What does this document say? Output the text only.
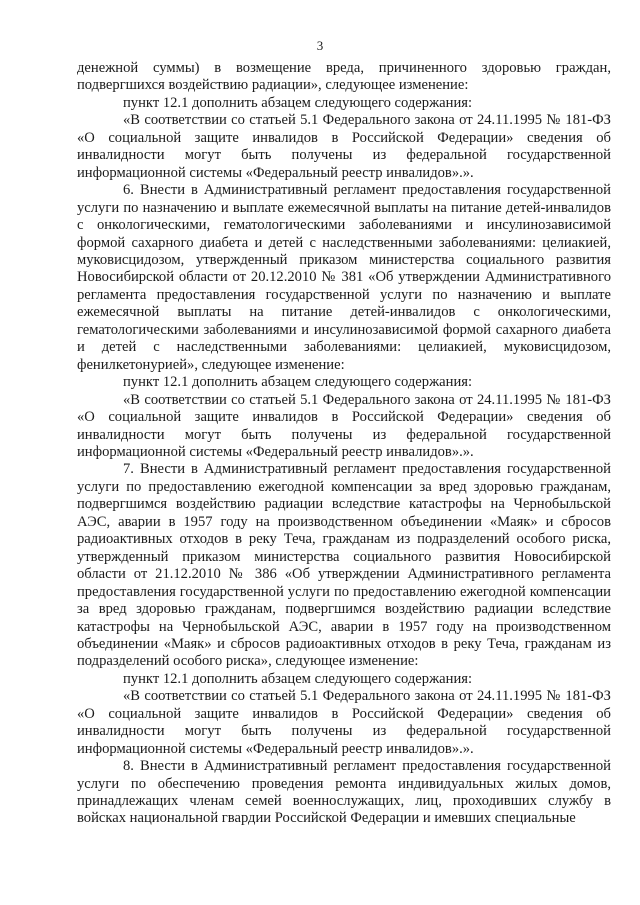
3

денежной суммы) в возмещение вреда, причиненного здоровью граждан, подвергшихся воздействию радиации», следующее изменение:

пункт 12.1 дополнить абзацем следующего содержания:

«В соответствии со статьей 5.1 Федерального закона от 24.11.1995 № 181-ФЗ «О социальной защите инвалидов в Российской Федерации» сведения об инвалидности могут быть получены из федеральной государственной информационной системы «Федеральный реестр инвалидов».».

6. Внести в Административный регламент предоставления государственной услуги по назначению и выплате ежемесячной выплаты на питание детей-инвалидов с онкологическими, гематологическими заболеваниями и инсулинозависимой формой сахарного диабета и детей с наследственными заболеваниями: целиакией, муковисцидозом, утвержденный приказом министерства социального развития Новосибирской области от 20.12.2010 № 381 «Об утверждении Административного регламента предоставления государственной услуги по назначению и выплате ежемесячной выплаты на питание детей-инвалидов с онкологическими, гематологическими заболеваниями и инсулинозависимой формой сахарного диабета и детей с наследственными заболеваниями: целиакией, муковисцидозом, фенилкетонурией», следующее изменение:

пункт 12.1 дополнить абзацем следующего содержания:

«В соответствии со статьей 5.1 Федерального закона от 24.11.1995 № 181-ФЗ «О социальной защите инвалидов в Российской Федерации» сведения об инвалидности могут быть получены из федеральной государственной информационной системы «Федеральный реестр инвалидов».».

7. Внести в Административный регламент предоставления государственной услуги по предоставлению ежегодной компенсации за вред здоровью гражданам, подвергшимся воздействию радиации вследствие катастрофы на Чернобыльской АЭС, аварии в 1957 году на производственном объединении «Маяк» и сбросов радиоактивных отходов в реку Теча, гражданам из подразделений особого риска, утвержденный приказом министерства социального развития Новосибирской области от 21.12.2010 № 386 «Об утверждении Административного регламента предоставления государственной услуги по предоставлению ежегодной компенсации за вред здоровью гражданам, подвергшимся воздействию радиации вследствие катастрофы на Чернобыльской АЭС, аварии в 1957 году на производственном объединении «Маяк» и сбросов радиоактивных отходов в реку Теча, гражданам из подразделений особого риска», следующее изменение:

пункт 12.1 дополнить абзацем следующего содержания:

«В соответствии со статьей 5.1 Федерального закона от 24.11.1995 № 181-ФЗ «О социальной защите инвалидов в Российской Федерации» сведения об инвалидности могут быть получены из федеральной государственной информационной системы «Федеральный реестр инвалидов».».

8. Внести в Административный регламент предоставления государственной услуги по обеспечению проведения ремонта индивидуальных жилых домов, принадлежащих членам семей военнослужащих, лиц, проходивших службу в войсках национальной гвардии Российской Федерации и имевших специальные
